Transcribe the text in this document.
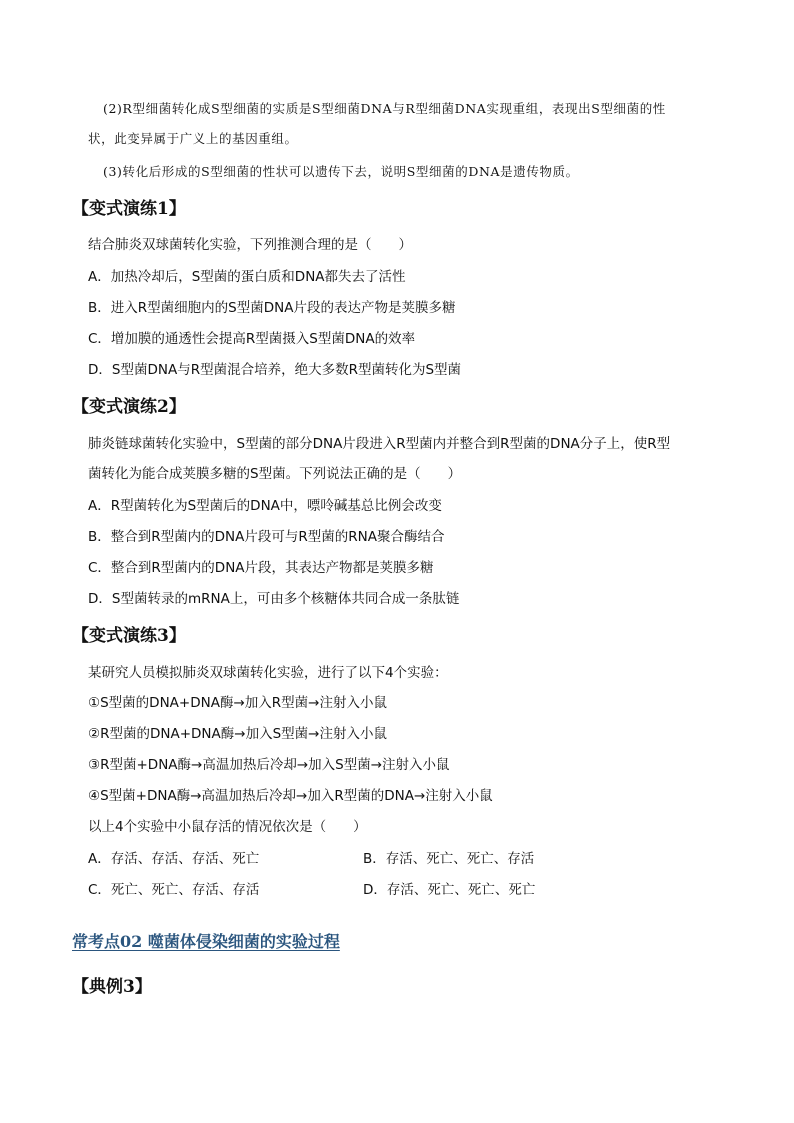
(2)R型细菌转化成S型细菌的实质是S型细菌DNA与R型细菌DNA实现重组，表现出S型细菌的性
状，此变异属于广义上的基因重组。
(3)转化后形成的S型细菌的性状可以遗传下去，说明S型细菌的DNA是遗传物质。
【变式演练1】
结合肺炎双球菌转化实验，下列推测合理的是（　　）
A．加热冷却后，S型菌的蛋白质和DNA都失去了活性
B．进入R型菌细胞内的S型菌DNA片段的表达产物是荚膜多糖
C．增加膜的通透性会提高R型菌摄入S型菌DNA的效率
D．S型菌DNA与R型菌混合培养，绝大多数R型菌转化为S型菌
【变式演练2】
肺炎链球菌转化实验中，S型菌的部分DNA片段进入R型菌内并整合到R型菌的DNA分子上，使R型
菌转化为能合成荚膜多糖的S型菌。下列说法正确的是（　　）
A．R型菌转化为S型菌后的DNA中，嘌呤碱基总比例会改变
B．整合到R型菌内的DNA片段可与R型菌的RNA聚合酶结合
C．整合到R型菌内的DNA片段，其表达产物都是荚膜多糖
D．S型菌转录的mRNA上，可由多个核糖体共同合成一条肽链
【变式演练3】
某研究人员模拟肺炎双球菌转化实验，进行了以下4个实验：
①S型菌的DNA+DNA酶→加入R型菌→注射入小鼠
②R型菌的DNA+DNA酶→加入S型菌→注射入小鼠
③R型菌+DNA酶→高温加热后冷却→加入S型菌→注射入小鼠
④S型菌+DNA酶→高温加热后冷却→加入R型菌的DNA→注射入小鼠
以上4个实验中小鼠存活的情况依次是（　　）
A．存活、存活、存活、死亡	B．存活、死亡、死亡、存活
C．死亡、死亡、存活、存活	D．存活、死亡、死亡、死亡
常考点02 噬菌体侵染细菌的实验过程
【典例3】
